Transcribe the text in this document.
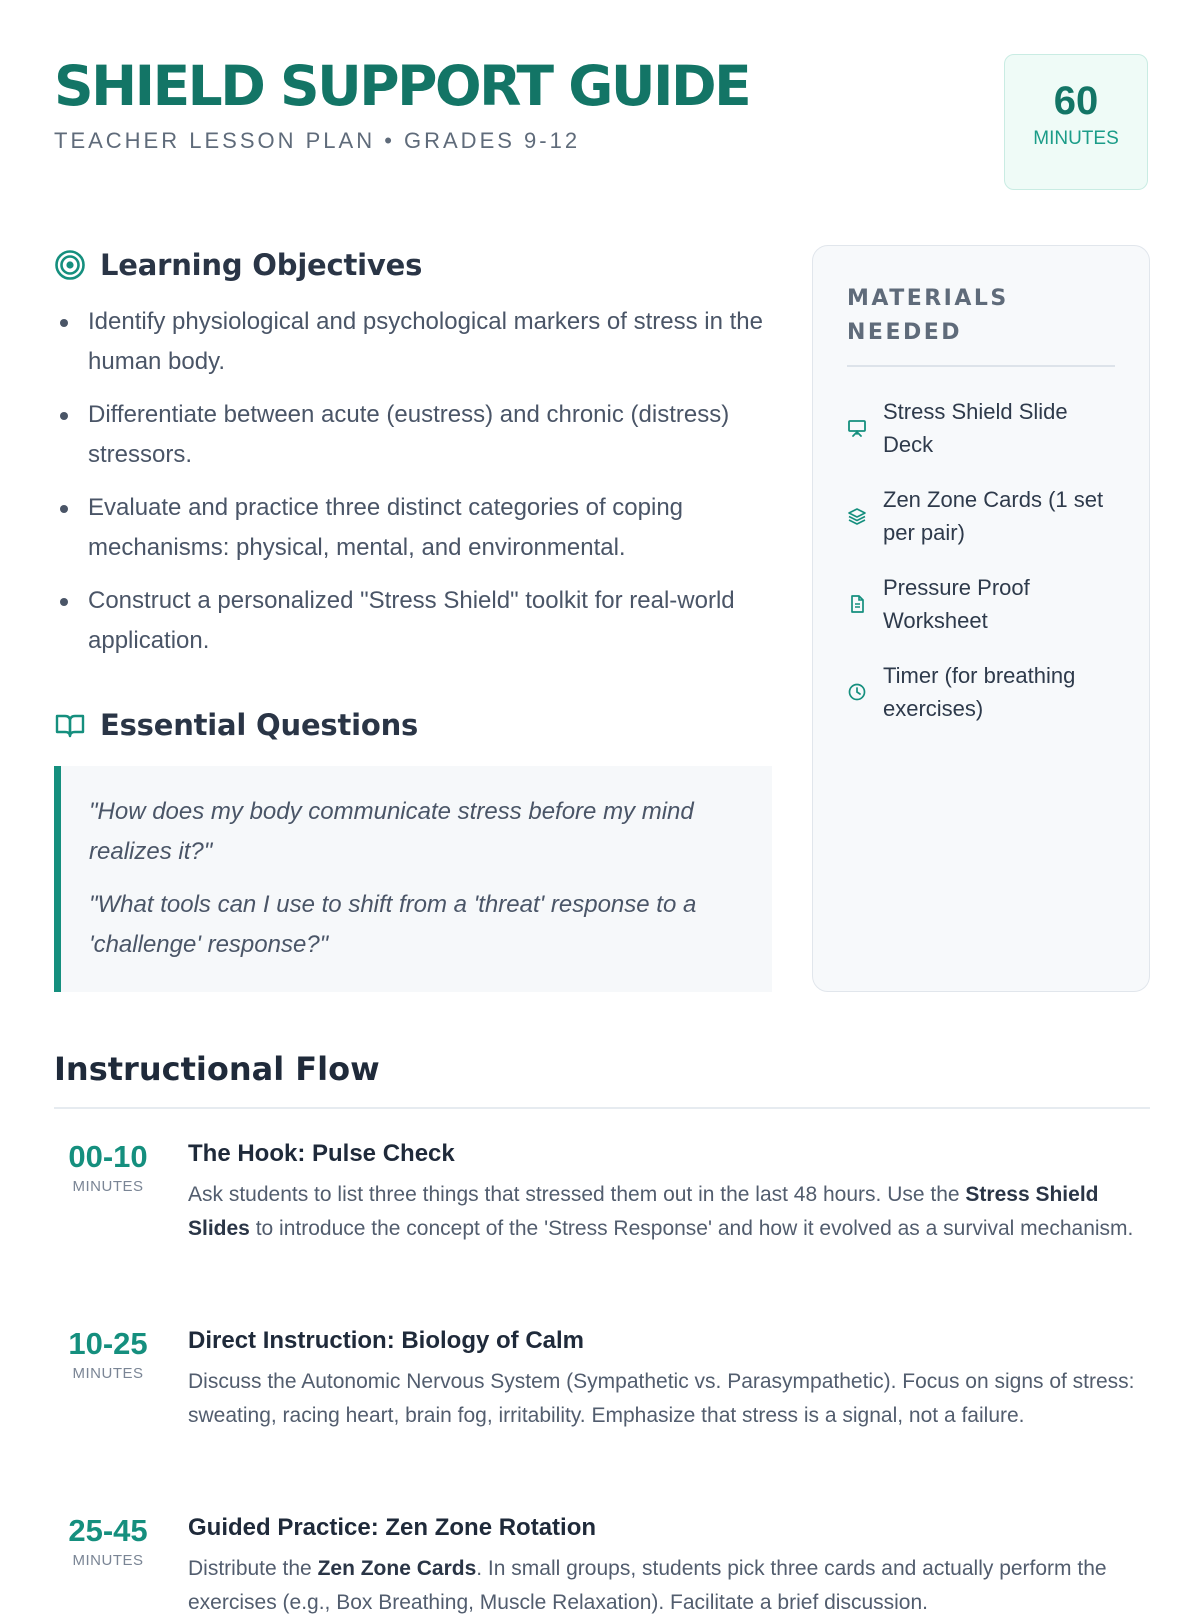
SHIELD SUPPORT GUIDE
TEACHER LESSON PLAN • GRADES 9-12
60
MINUTES
Learning Objectives
Identify physiological and psychological markers of stress in the human body.
Differentiate between acute (eustress) and chronic (distress) stressors.
Evaluate and practice three distinct categories of coping mechanisms: physical, mental, and environmental.
Construct a personalized "Stress Shield" toolkit for real-world application.
Essential Questions

"How does my body communicate stress before my mind realizes it?"

"What tools can I use to shift from a 'threat' response to a 'challenge' response?"

MATERIALS NEEDED
Stress Shield Slide Deck
Zen Zone Cards (1 set per pair)
Pressure Proof Worksheet
Timer (for breathing exercises)
Instructional Flow
00-10
MINUTES
The Hook: Pulse Check

Ask students to list three things that stressed them out in the last 48 hours. Use the Stress Shield Slides to introduce the concept of the 'Stress Response' and how it evolved as a survival mechanism.

10-25
MINUTES
Direct Instruction: Biology of Calm

Discuss the Autonomic Nervous System (Sympathetic vs. Parasympathetic). Focus on signs of stress: sweating, racing heart, brain fog, irritability. Emphasize that stress is a signal, not a failure.

25-45
MINUTES
Guided Practice: Zen Zone Rotation

Distribute the Zen Zone Cards. In small groups, students pick three cards and actually perform the exercises (e.g., Box Breathing, Muscle Relaxation). Facilitate a brief discussion.
